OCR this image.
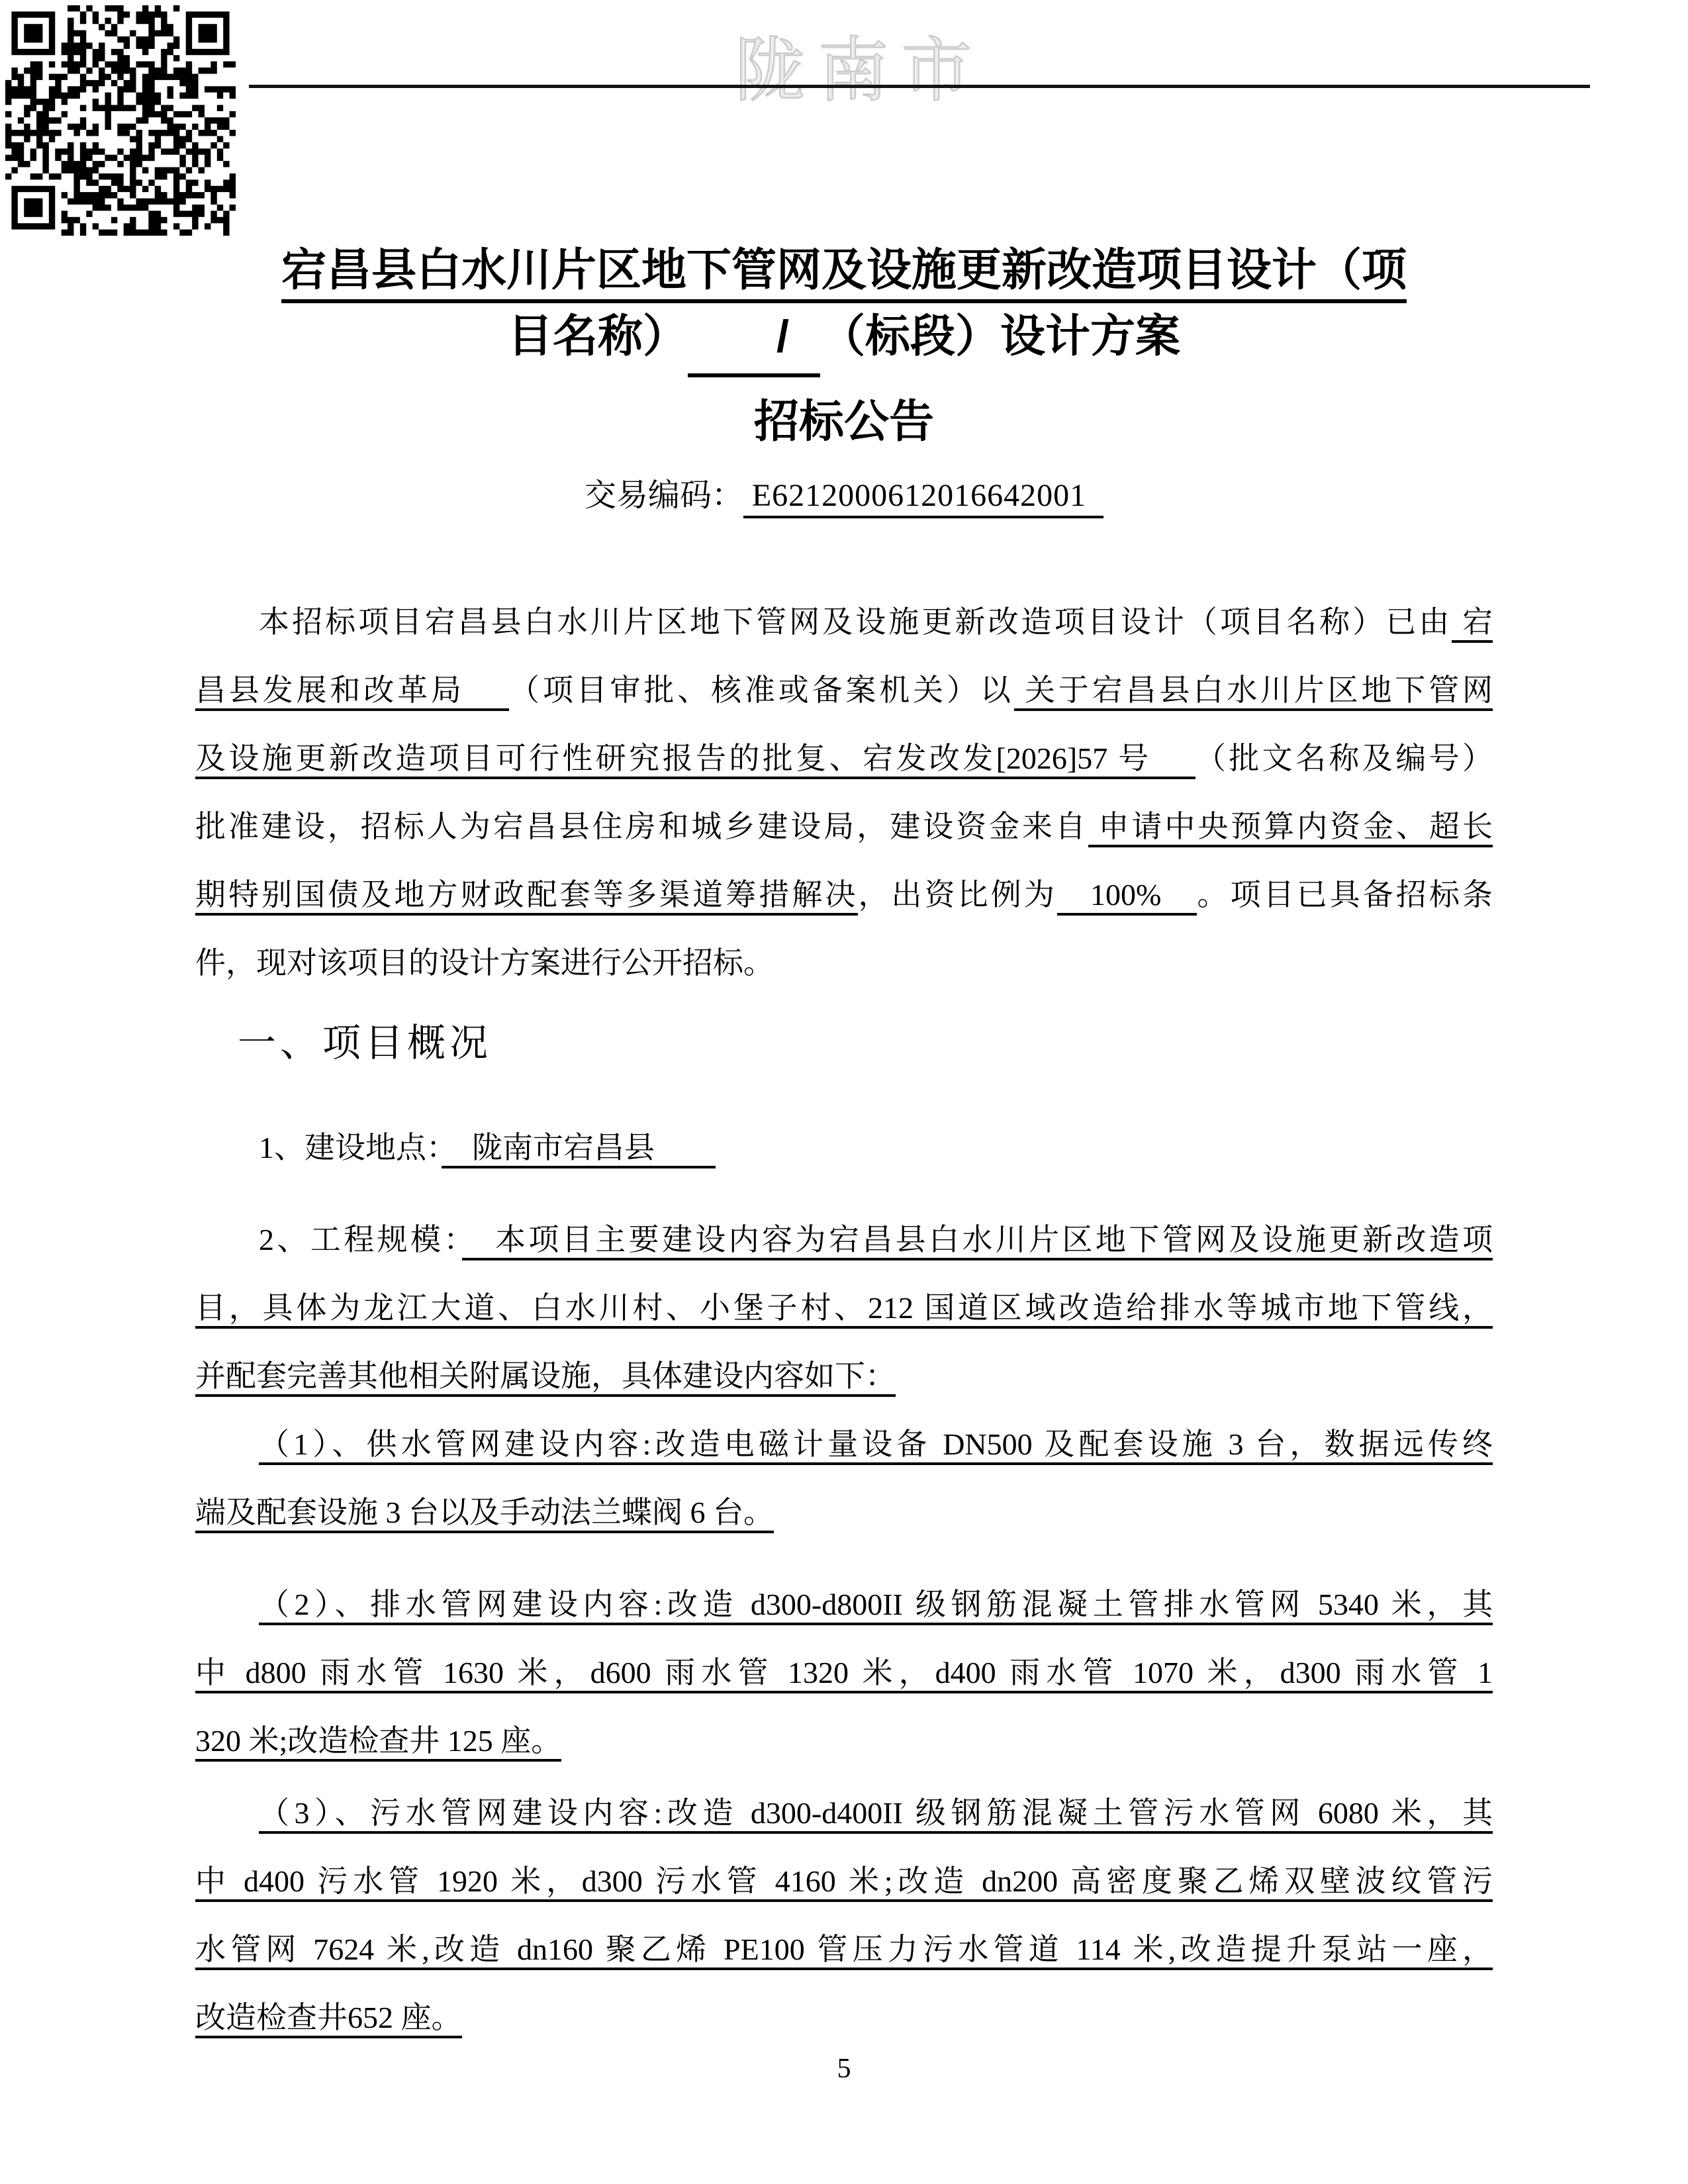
陇南市
宕昌县白水川片区地下管网及设施更新改造项目设计（项
目名称）　 / 　（标段）设计方案
招标公告
交易编码： E6212000612016642001
本招标项目宕昌县白水川片区地下管网及设施更新改造项目设计（项目名称）已由 宕
昌县发展和改革局　 （项目审批、核准或备案机关）以 关于宕昌县白水川片区地下管网
及设施更新改造项目可行性研究报告的批复、宕发改发[2026]57 号　 （批文名称及编号）
批准建设，招标人为宕昌县住房和城乡建设局，建设资金来自 申请中央预算内资金、超长
期特别国债及地方财政配套等多渠道筹措解决，出资比例为　100%　。项目已具备招标条
件，现对该项目的设计方案进行公开招标。
一、项目概况
1、建设地点：　陇南市宕昌县　　
2、工程规模：　本项目主要建设内容为宕昌县白水川片区地下管网及设施更新改造项
目，具体为龙江大道、白水川村、小堡子村、212 国道区域改造给排水等城市地下管线，
并配套完善其他相关附属设施，具体建设内容如下：
（1）、供水管网建设内容:改造电磁计量设备 DN500 及配套设施 3 台，数据远传终
端及配套设施 3 台以及手动法兰蝶阀 6 台。
（2）、排水管网建设内容:改造 d300-d800II 级钢筋混凝土管排水管网 5340 米，其
中 d800 雨水管 1630 米，d600 雨水管 1320 米，d400 雨水管 1070 米，d300 雨水管 1
320 米;改造检查井 125 座。
（3）、污水管网建设内容:改造 d300-d400II 级钢筋混凝土管污水管网 6080 米，其
中 d400 污水管 1920 米，d300 污水管 4160 米;改造 dn200 高密度聚乙烯双壁波纹管污
水管网 7624 米,改造 dn160 聚乙烯 PE100 管压力污水管道 114 米,改造提升泵站一座，
改造检查井652 座。
5
